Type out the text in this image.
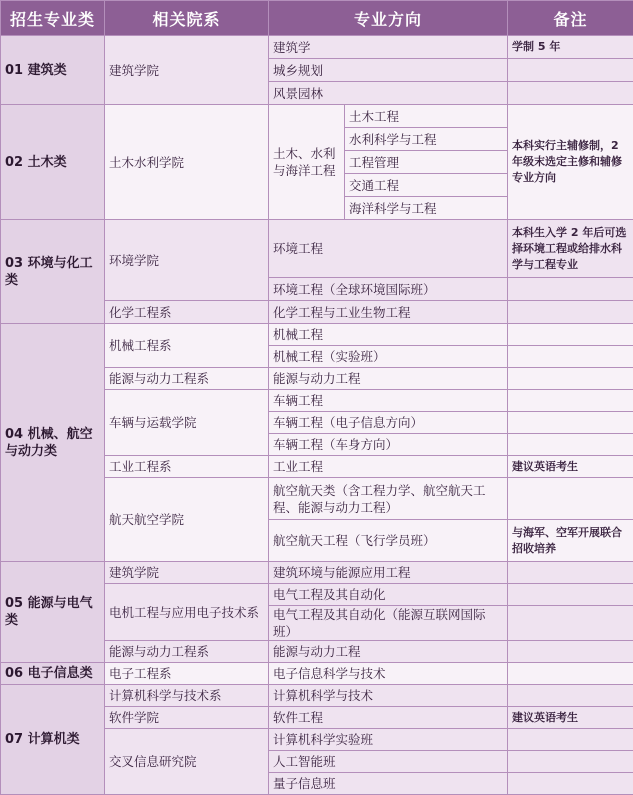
招生专业类	相关院系	专业方向		备注
01 建筑类	建筑学院	建筑学		学制 5 年
		城乡规划		
		风景园林		
02 土木类	土木水利学院	土木、水利与海洋工程	土木工程	本科实行主辅修制，2 年级末选定主修和辅修专业方向
			水利科学与工程	
			工程管理	
			交通工程	
			海洋科学与工程	
03 环境与化工类	环境学院	环境工程		本科生入学 2 年后可选择环境工程或给排水科学与工程专业
		环境工程（全球环境国际班）		
	化学工程系	化学工程与工业生物工程		
04 机械、航空与动力类	机械工程系	机械工程		
		机械工程（实验班）		
	能源与动力工程系	能源与动力工程		
	车辆与运载学院	车辆工程		
		车辆工程（电子信息方向）		
		车辆工程（车身方向）		
	工业工程系	工业工程		建议英语考生
	航天航空学院	航空航天类（含工程力学、航空航天工程、能源与动力工程）		
		航空航天工程（飞行学员班）		与海军、空军开展联合招收培养

05 能源与电气类	建筑学院	建筑环境与能源应用工程		
	电机工程与应用电子技术系	电气工程及其自动化		
		电气工程及其自动化（能源互联网国际班）		
	能源与动力工程系	能源与动力工程		
06 电子信息类	电子工程系	电子信息科学与技术		
07 计算机类	计算机科学与技术系	计算机科学与技术		
	软件学院	软件工程		建议英语考生
	交叉信息研究院	计算机科学实验班		
		人工智能班		
		量子信息班		
